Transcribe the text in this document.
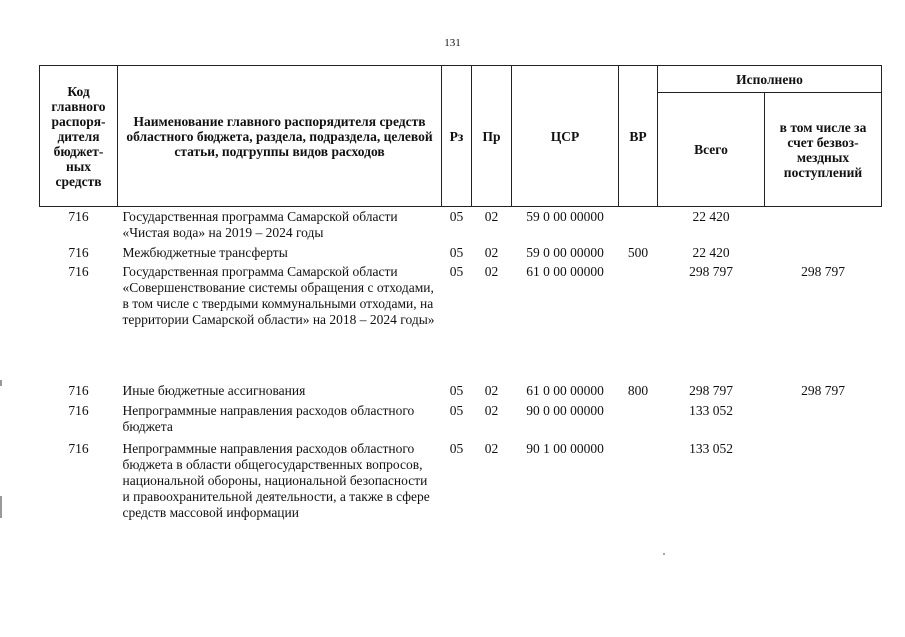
131
Код главного распоря-дителя бюджет-ных средств	Наименование главного распорядителя средств областного бюджета, раздела, подраздела, целевой статьи, подгруппы видов расходов	Рз	Пр	ЦСР	ВР	Исполнено	
						Всего	в том числе за счет безвоз-мездных поступлений
716	Государственная программа Самарской области «Чистая вода» на 2019 – 2024 годы	05	02	59 0 00 00000		22 420	
716	Межбюджетные трансферты	05	02	59 0 00 00000	500	22 420	
716	Государственная программа Самарской области «Совершенствование системы обращения с отходами, в том числе с твердыми коммунальными отходами, на территории Самарской области» на 2018 – 2024 годы»	05	02	61 0 00 00000		298 797	298 797
716	Иные бюджетные ассигнования	05	02	61 0 00 00000	800	298 797	298 797
716	Непрограммные направления расходов областного бюджета	05	02	90 0 00 00000		133 052	
716	Непрограммные направления расходов областного бюджета в области общегосударственных вопросов, национальной обороны, национальной безопасности и правоохранительной деятельности, а также в сфере средств массовой информации	05	02	90 1 00 00000		133 052	
